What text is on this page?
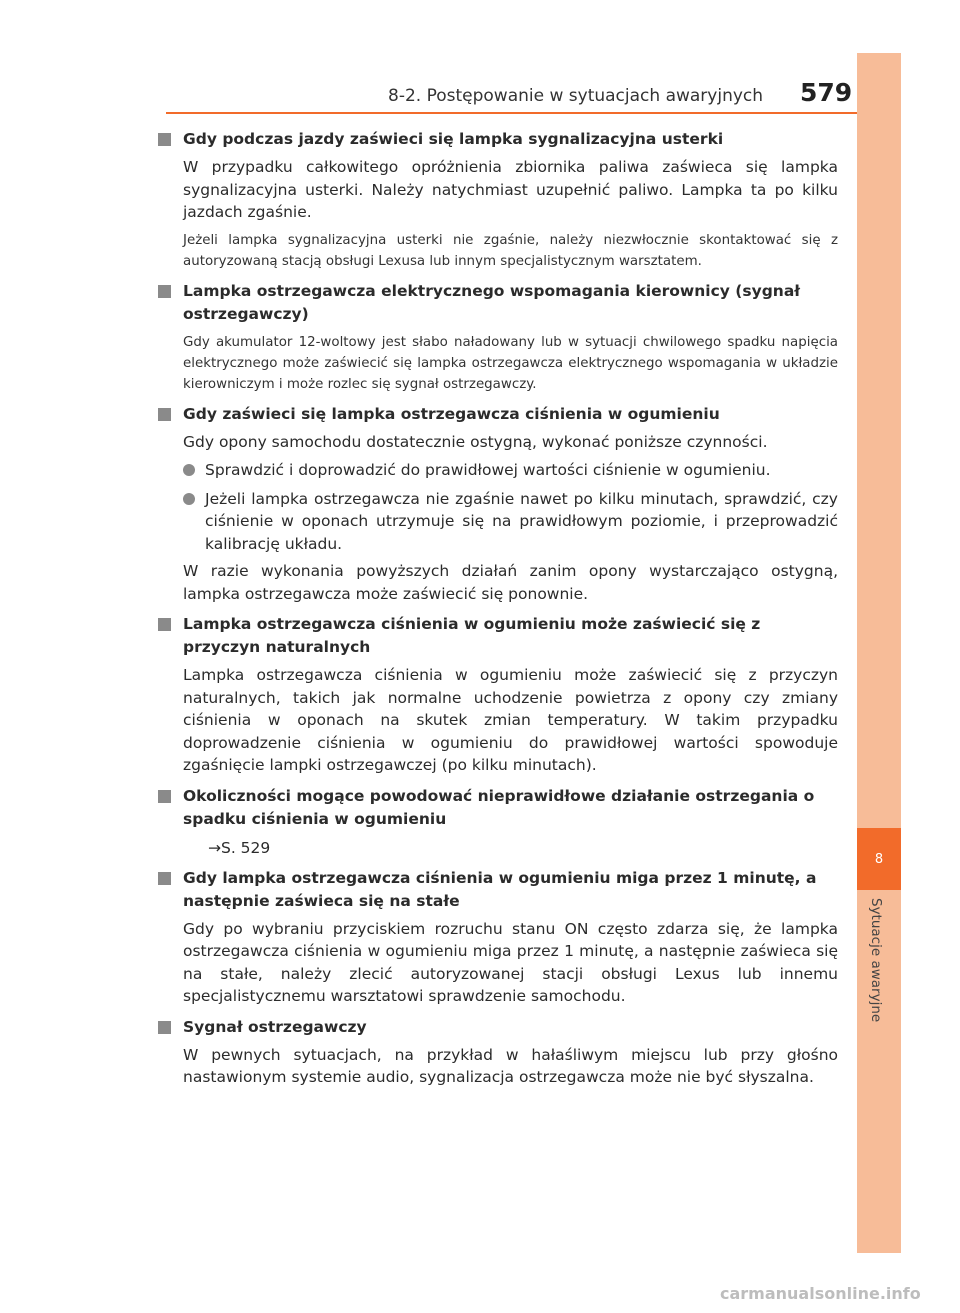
8
Sytuacje awaryjne
8-2. Postępowanie w sytuacjach awaryjnych 579
Gdy podczas jazdy zaświeci się lampka sygnalizacyjna usterki
W przypadku całkowitego opróżnienia zbiornika paliwa zaświeca się lampka sygnalizacyjna usterki. Należy natychmiast uzupełnić paliwo. Lampka ta po kilku jazdach zgaśnie.
Jeżeli lampka sygnalizacyjna usterki nie zgaśnie, należy niezwłocznie skontaktować się z autoryzowaną stacją obsługi Lexusa lub innym specjalistycznym warsztatem.
Lampka ostrzegawcza elektrycznego wspomagania kierownicy (sygnał ostrzegawczy)
Gdy akumulator 12-woltowy jest słabo naładowany lub w sytuacji chwilowego spadku napięcia elektrycznego może zaświecić się lampka ostrzegawcza elektrycznego wspomagania w układzie kierowniczym i może rozlec się sygnał ostrzegawczy.
Gdy zaświeci się lampka ostrzegawcza ciśnienia w ogumieniu
Gdy opony samochodu dostatecznie ostygną, wykonać poniższe czynności.
Sprawdzić i doprowadzić do prawidłowej wartości ciśnienie w ogumieniu.
Jeżeli lampka ostrzegawcza nie zgaśnie nawet po kilku minutach, sprawdzić, czy ciśnienie w oponach utrzymuje się na prawidłowym poziomie, i przeprowadzić kalibrację układu.
W razie wykonania powyższych działań zanim opony wystarczająco ostygną, lampka ostrzegawcza może zaświecić się ponownie.
Lampka ostrzegawcza ciśnienia w ogumieniu może zaświecić się z przyczyn naturalnych
Lampka ostrzegawcza ciśnienia w ogumieniu może zaświecić się z przyczyn naturalnych, takich jak normalne uchodzenie powietrza z opony czy zmiany ciśnienia w oponach na skutek zmian temperatury. W takim przypadku doprowadzenie ciśnienia w ogumieniu do prawidłowej wartości spowoduje zgaśnięcie lampki ostrzegawczej (po kilku minutach).
Okoliczności mogące powodować nieprawidłowe działanie ostrzegania o spadku ciśnienia w ogumieniu
→S. 529
Gdy lampka ostrzegawcza ciśnienia w ogumieniu miga przez 1 minutę, a następnie zaświeca się na stałe
Gdy po wybraniu przyciskiem rozruchu stanu ON często zdarza się, że lampka ostrzegawcza ciśnienia w ogumieniu miga przez 1 minutę, a następnie zaświeca się na stałe, należy zlecić autoryzowanej stacji obsługi Lexus lub innemu specjalistycznemu warsztatowi sprawdzenie samochodu.
Sygnał ostrzegawczy
W pewnych sytuacjach, na przykład w hałaśliwym miejscu lub przy głośno nastawionym systemie audio, sygnalizacja ostrzegawcza może nie być słyszalna.
carmanualsonline.info
